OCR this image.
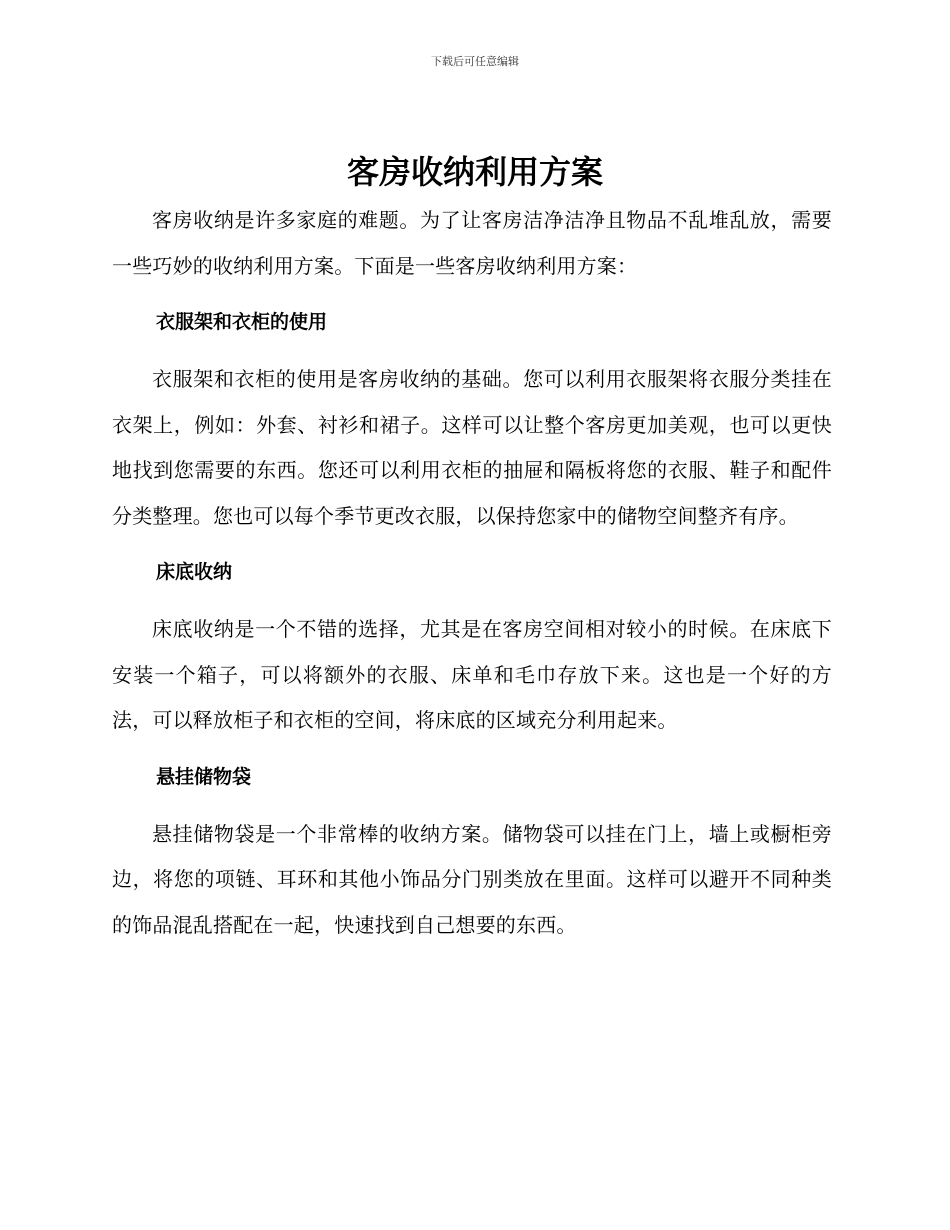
下载后可任意编辑
客房收纳利用方案

客房收纳是许多家庭的难题。为了让客房洁净洁净且物品不乱堆乱放，需要一些巧妙的收纳利用方案。下面是一些客房收纳利用方案：

衣服架和衣柜的使用

衣服架和衣柜的使用是客房收纳的基础。您可以利用衣服架将衣服分类挂在衣架上，例如：外套、衬衫和裙子。这样可以让整个客房更加美观，也可以更快地找到您需要的东西。您还可以利用衣柜的抽屉和隔板将您的衣服、鞋子和配件分类整理。您也可以每个季节更改衣服，以保持您家中的储物空间整齐有序。

床底收纳

床底收纳是一个不错的选择，尤其是在客房空间相对较小的时候。在床底下安装一个箱子，可以将额外的衣服、床单和毛巾存放下来。这也是一个好的方法，可以释放柜子和衣柜的空间，将床底的区域充分利用起来。

悬挂储物袋

悬挂储物袋是一个非常棒的收纳方案。储物袋可以挂在门上，墙上或橱柜旁边，将您的项链、耳环和其他小饰品分门别类放在里面。这样可以避开不同种类的饰品混乱搭配在一起，快速找到自己想要的东西。
